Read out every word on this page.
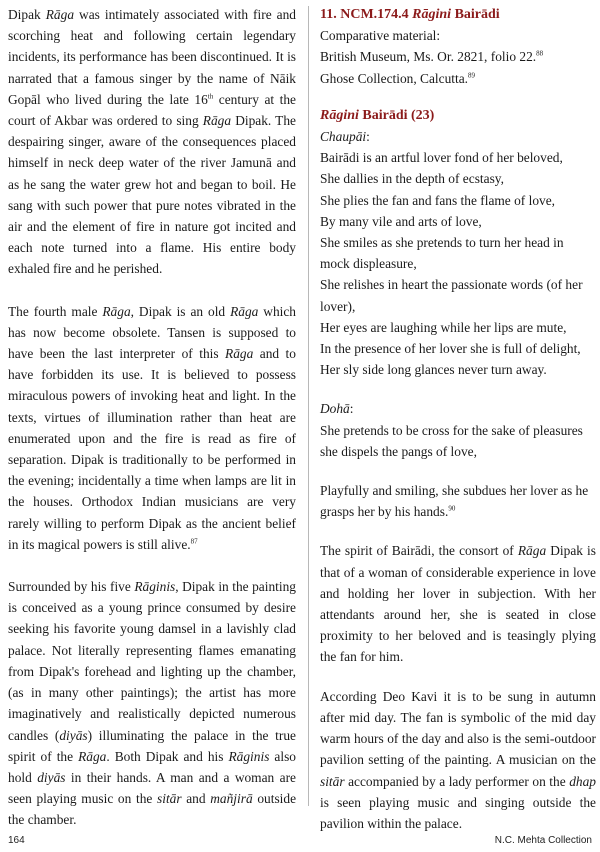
Dipak Rāga was intimately associated with fire and scorching heat and following certain legendary incidents, its performance has been discontinued. It is narrated that a famous singer by the name of Nāik Gopāl who lived during the late 16th century at the court of Akbar was ordered to sing Rāga Dipak. The despairing singer, aware of the consequences placed himself in neck deep water of the river Jamunā and as he sang the water grew hot and began to boil. He sang with such power that pure notes vibrated in the air and the element of fire in nature got incited and each note turned into a flame. His entire body exhaled fire and he perished.

The fourth male Rāga, Dipak is an old Rāga which has now become obsolete. Tansen is supposed to have been the last interpreter of this Rāga and to have forbidden its use. It is believed to possess miraculous powers of invoking heat and light. In the texts, virtues of illumination rather than heat are enumerated upon and the fire is read as fire of separation. Dipak is traditionally to be performed in the evening; incidentally a time when lamps are lit in the houses. Orthodox Indian musicians are very rarely willing to perform Dipak as the ancient belief in its magical powers is still alive.$^{87}$

Surrounded by his five Rāginis, Dipak in the painting is conceived as a young prince consumed by desire seeking his favorite young damsel in a lavishly clad palace. Not literally representing flames emanating from Dipak's forehead and lighting up the chamber, (as in many other paintings); the artist has more imaginatively and realistically depicted numerous candles (diyās) illuminating the palace in the true spirit of the Rāga. Both Dipak and his Rāginis also hold diyās in their hands. A man and a woman are seen playing music on the sitār and mañjirā outside the chamber.

11. NCM.174.4 Rāgini Bairādi

Comparative material:

British Museum, Ms. Or. 2821, folio 22.88

Ghose Collection, Calcutta.$^{89}$

Rāgini Bairādi (23)

Chaupāi:

Bairādi is an artful lover fond of her beloved,

She dallies in the depth of ecstasy,

She plies the fan and fans the flame of love,

By many vile and arts of love,

She smiles as she pretends to turn her head in mock displeasure,

She relishes in heart the passionate words (of her lover),

Her eyes are laughing while her lips are mute,

In the presence of her lover she is full of delight,

Her sly side long glances never turn away.

Dohā:

She pretends to be cross for the sake of pleasures she dispels the pangs of love,

Playfully and smiling, she subdues her lover as he grasps her by his hands.$^{90}$

The spirit of Bairādi, the consort of Rāga Dipak is that of a woman of considerable experience in love and holding her lover in subjection. With her attendants around her, she is seated in close proximity to her beloved and is teasingly plying the fan for him.

According Deo Kavi it is to be sung in autumn after mid day. The fan is symbolic of the mid day warm hours of the day and also is the semi-outdoor pavilion setting of the painting. A musician on the sitār accompanied by a lady performer on the dhap is seen playing music and singing outside the pavilion within the palace.

164	N.C. Mehta Collection
